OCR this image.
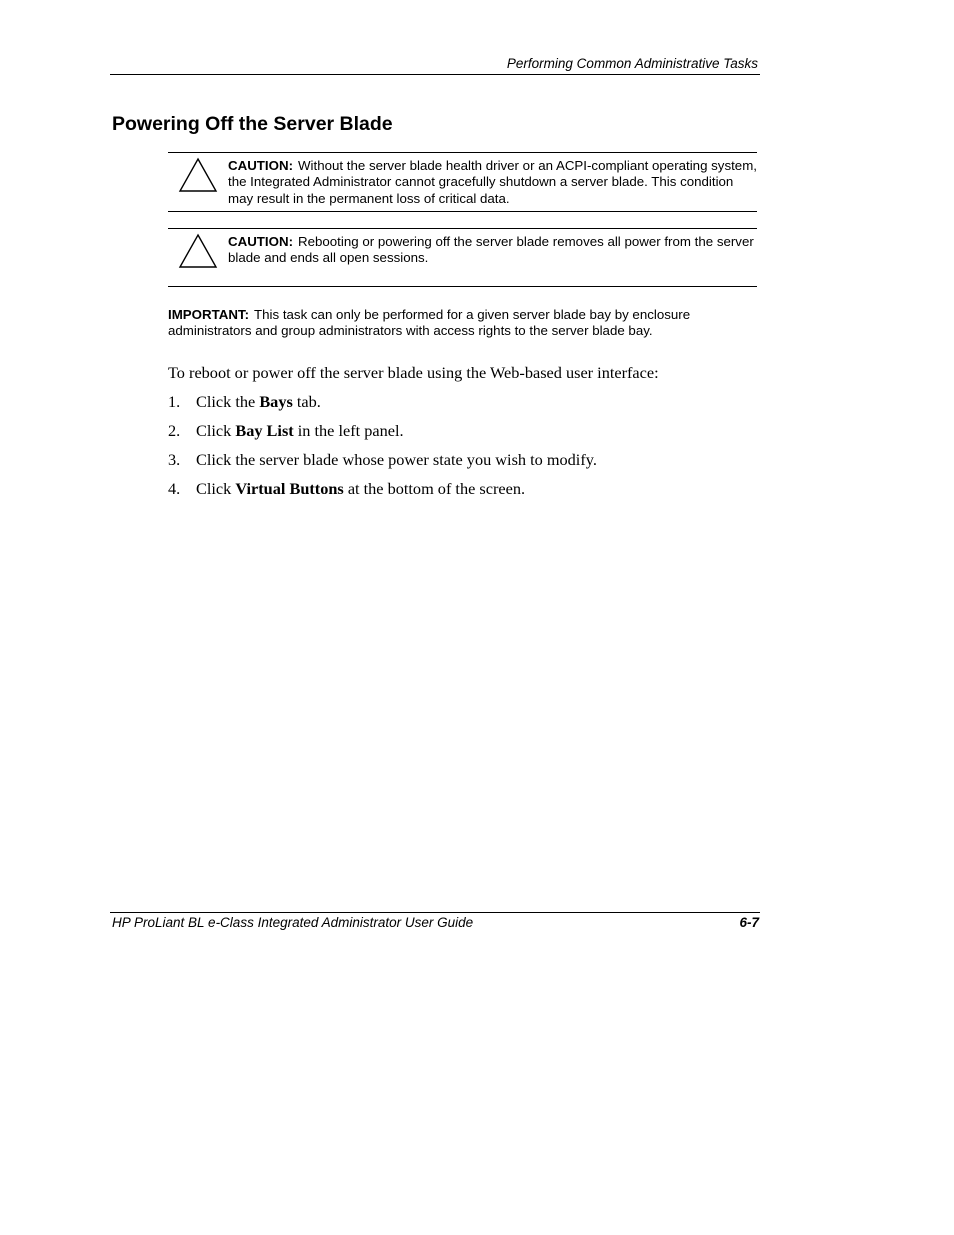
Performing Common Administrative Tasks
Powering Off the Server Blade
CAUTION: Without the server blade health driver or an ACPI-compliant operating system, the Integrated Administrator cannot gracefully shutdown a server blade. This condition may result in the permanent loss of critical data.
CAUTION: Rebooting or powering off the server blade removes all power from the server blade and ends all open sessions.
IMPORTANT: This task can only be performed for a given server blade bay by enclosure administrators and group administrators with access rights to the server blade bay.
To reboot or power off the server blade using the Web-based user interface:
1. Click the Bays tab.
2. Click Bay List in the left panel.
3. Click the server blade whose power state you wish to modify.
4. Click Virtual Buttons at the bottom of the screen.
HP ProLiant BL e-Class Integrated Administrator User Guide	6-7
